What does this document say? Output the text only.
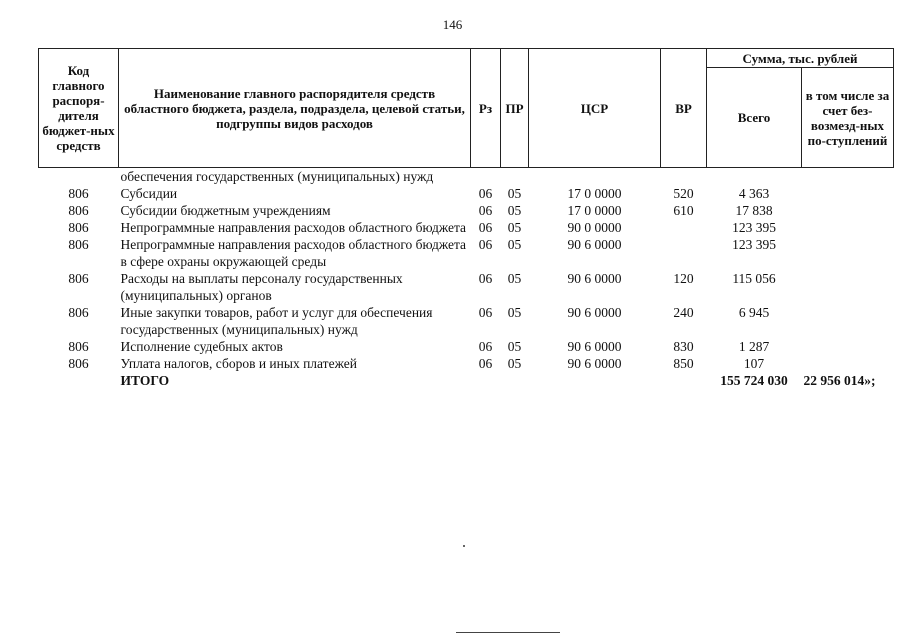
146
Код главного распоря-дителя бюджет-ных средств	Наименование главного распорядителя средств областного бюджета, раздела, подраздела, целевой статьи, подгруппы видов расходов	Рз	ПР	ЦСР	ВР	Сумма, тыс. рублей	
						Всего	в том числе за счет без-возмезд-ных по-ступлений
	обеспечения государственных (муниципальных) нужд						
806	Субсидии	06	05	17 0 0000	520	4 363	
806	Субсидии бюджетным учреждениям	06	05	17 0 0000	610	17 838	
806	Непрограммные направления расходов областного бюджета	06	05	90 0 0000		123 395	
806	Непрограммные направления расходов областного бюджета в сфере охраны окружающей среды	06	05	90 6 0000		123 395	
806	Расходы на выплаты персоналу государственных (муниципальных) органов	06	05	90 6 0000	120	115 056	
806	Иные закупки товаров, работ и услуг для обеспечения государственных (муниципальных) нужд	06	05	90 6 0000	240	6 945	
806	Исполнение судебных актов	06	05	90 6 0000	830	1 287	
806	Уплата налогов, сборов и иных платежей	06	05	90 6 0000	850	107	
	ИТОГО					155 724 030	22 956 014»;
